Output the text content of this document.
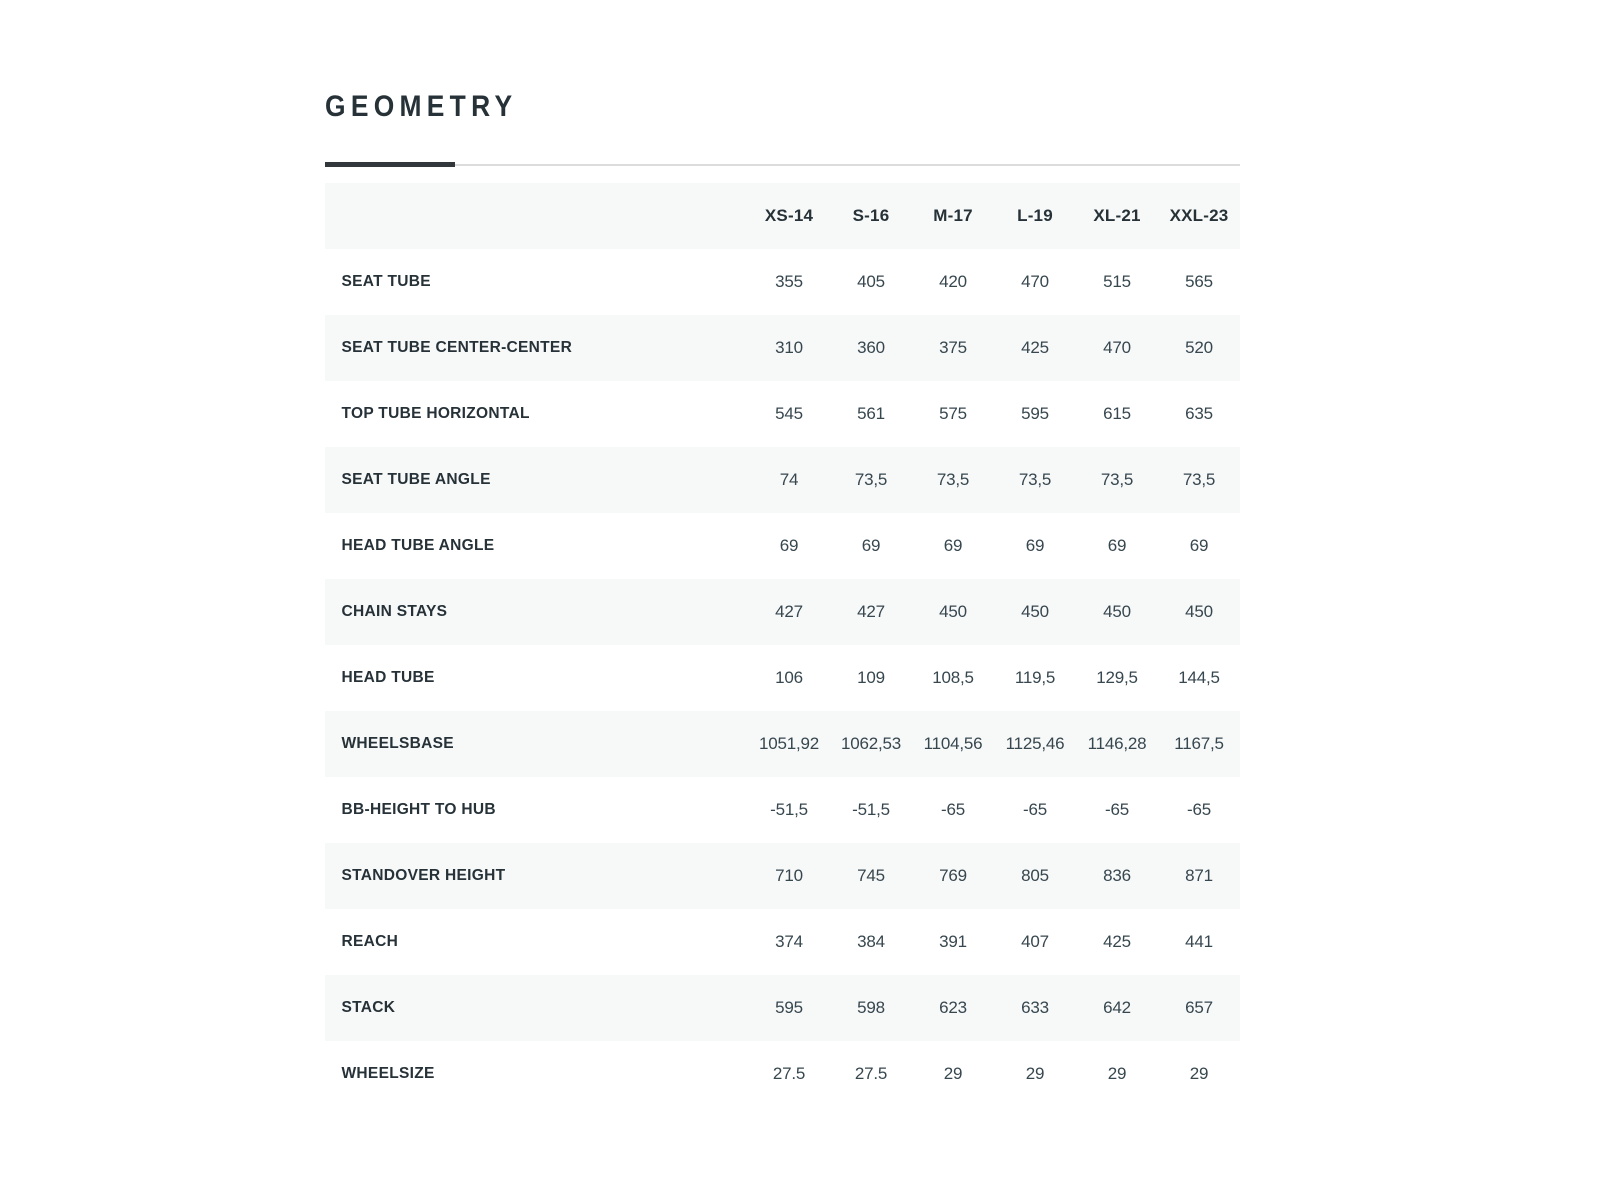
GEOMETRY
	XS-14	S-16	M-17	L-19	XL-21	XXL-23
SEAT TUBE	355	405	420	470	515	565
SEAT TUBE CENTER-CENTER	310	360	375	425	470	520
TOP TUBE HORIZONTAL	545	561	575	595	615	635
SEAT TUBE ANGLE	74	73,5	73,5	73,5	73,5	73,5
HEAD TUBE ANGLE	69	69	69	69	69	69
CHAIN STAYS	427	427	450	450	450	450
HEAD TUBE	106	109	108,5	119,5	129,5	144,5
WHEELSBASE	1051,92	1062,53	1104,56	1125,46	1146,28	1167,5
BB-HEIGHT TO HUB	-51,5	-51,5	-65	-65	-65	-65
STANDOVER HEIGHT	710	745	769	805	836	871
REACH	374	384	391	407	425	441
STACK	595	598	623	633	642	657
WHEELSIZE	27.5	27.5	29	29	29	29
